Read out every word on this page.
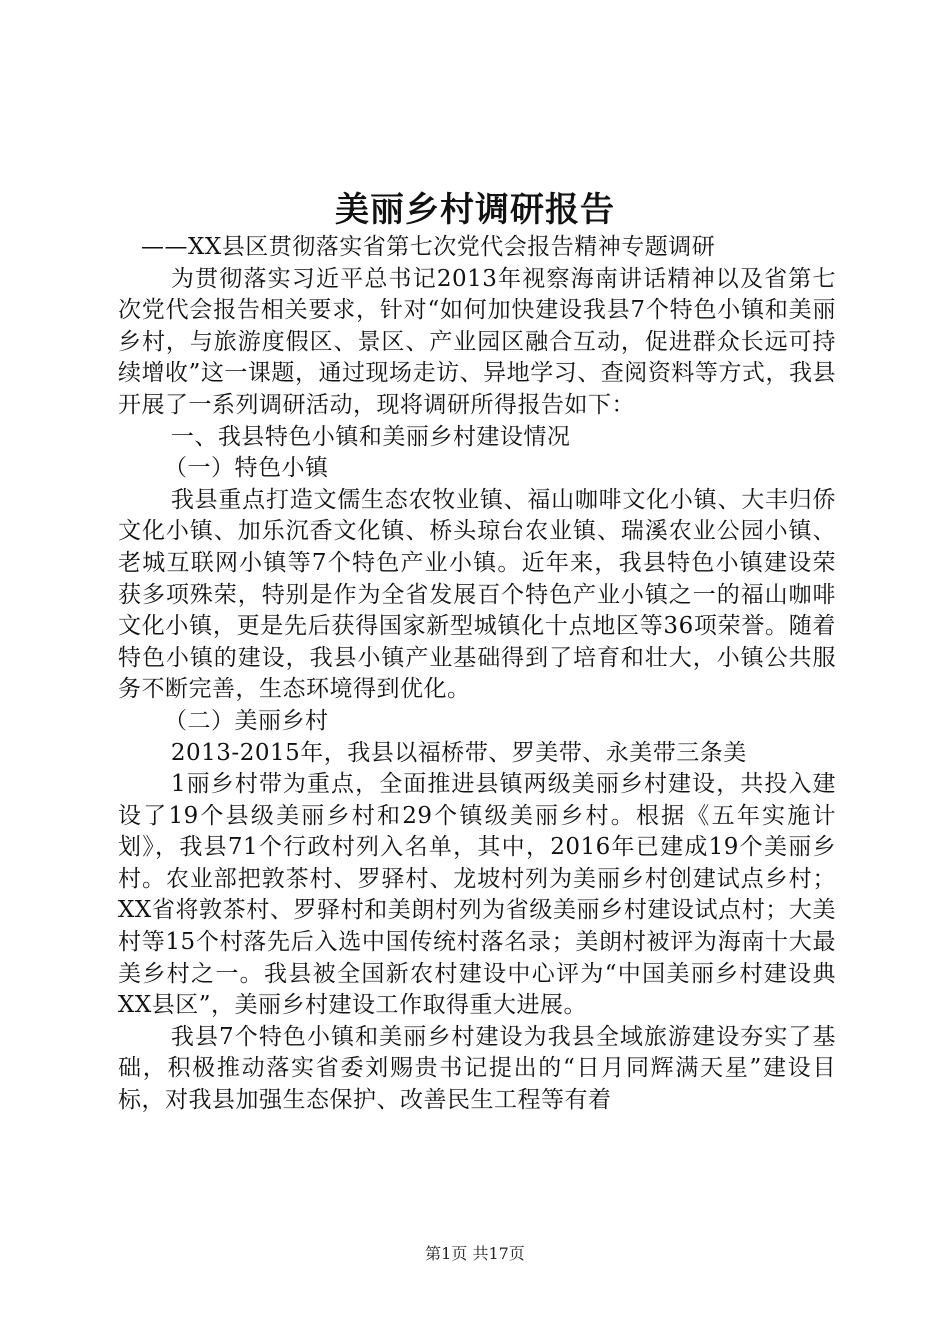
美丽乡村调研报告

——XX县区贯彻落实省第七次党代会报告精神专题调研

为贯彻落实习近平总书记2013年视察海南讲话精神以及省第七次党代会报告相关要求，针对“如何加快建设我县7个特色小镇和美丽乡村，与旅游度假区、景区、产业园区融合互动，促进群众长远可持续增收”这一课题，通过现场走访、异地学习、查阅资料等方式，我县开展了一系列调研活动，现将调研所得报告如下：

一、我县特色小镇和美丽乡村建设情况

（一）特色小镇

我县重点打造文儒生态农牧业镇、福山咖啡文化小镇、大丰归侨文化小镇、加乐沉香文化镇、桥头琼台农业镇、瑞溪农业公园小镇、老城互联网小镇等7个特色产业小镇。近年来，我县特色小镇建设荣获多项殊荣，特别是作为全省发展百个特色产业小镇之一的福山咖啡文化小镇，更是先后获得国家新型城镇化十点地区等36项荣誉。随着特色小镇的建设，我县小镇产业基础得到了培育和壮大，小镇公共服务不断完善，生态环境得到优化。

（二）美丽乡村

2013-2015年，我县以福桥带、罗美带、永美带三条美

1丽乡村带为重点，全面推进县镇两级美丽乡村建设，共投入建设了19个县级美丽乡村和29个镇级美丽乡村。根据《五年实施计划》，我县71个行政村列入名单，其中，2016年已建成19个美丽乡村。农业部把敦茶村、罗驿村、龙坡村列为美丽乡村创建试点乡村；XX省将敦茶村、罗驿村和美朗村列为省级美丽乡村建设试点村；大美村等15个村落先后入选中国传统村落名录；美朗村被评为海南十大最美乡村之一。我县被全国新农村建设中心评为“中国美丽乡村建设典XX县区”，美丽乡村建设工作取得重大进展。

我县7个特色小镇和美丽乡村建设为我县全域旅游建设夯实了基础，积极推动落实省委刘赐贵书记提出的“日月同辉满天星”建设目标，对我县加强生态保护、改善民生工程等有着

第1页 共17页
